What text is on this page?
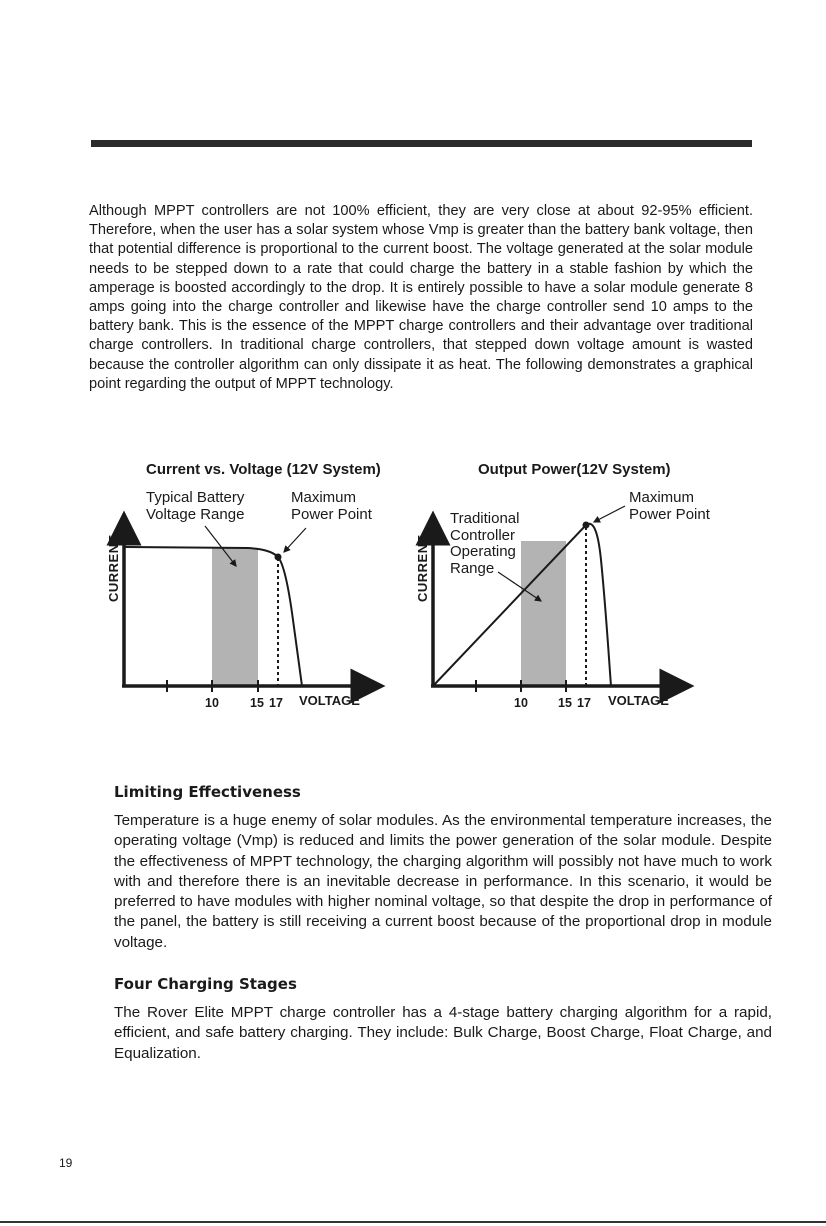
Although MPPT controllers are not 100% efficient, they are very close at about 92-95% efficient. Therefore, when the user has a solar system whose Vmp is greater than the battery bank voltage, then that potential difference is proportional to the current boost. The voltage generated at the solar module needs to be stepped down to a rate that could charge the battery in a stable fashion by which the amperage is boosted accordingly to the drop. It is entirely possible to have a solar module generate 8 amps going into the charge controller and likewise have the charge controller send 10 amps to the battery bank. This is the essence of the MPPT charge controllers and their advantage over traditional charge controllers. In traditional charge controllers, that stepped down voltage amount is wasted because the controller algorithm can only dissipate it as heat. The following demonstrates a graphical point regarding the output of MPPT technology.

Current vs. Voltage (12V System)
Typical Battery
Voltage Range
Maximum
Power Point
CURRENT
10 15 17 VOLTAGE
Output Power(12V System)
Traditional
Controller
Operating
Range
Maximum
Power Point
CURRENT
10 15 17 VOLTAGE
Limiting Effectiveness

Temperature is a huge enemy of solar modules. As the environmental temperature increases, the operating voltage (Vmp) is reduced and limits the power generation of the solar module. Despite the effectiveness of MPPT technology, the charging algorithm will possibly not have much to work with and therefore there is an inevitable decrease in performance. In this scenario, it would be preferred to have modules with higher nominal voltage, so that despite the drop in performance of the panel, the battery is still receiving a current boost because of the proportional drop in module voltage.

Four Charging Stages

The Rover Elite MPPT charge controller has a 4-stage battery charging algorithm for a rapid, efficient, and safe battery charging. They include: Bulk Charge, Boost Charge, Float Charge, and Equalization.

19
